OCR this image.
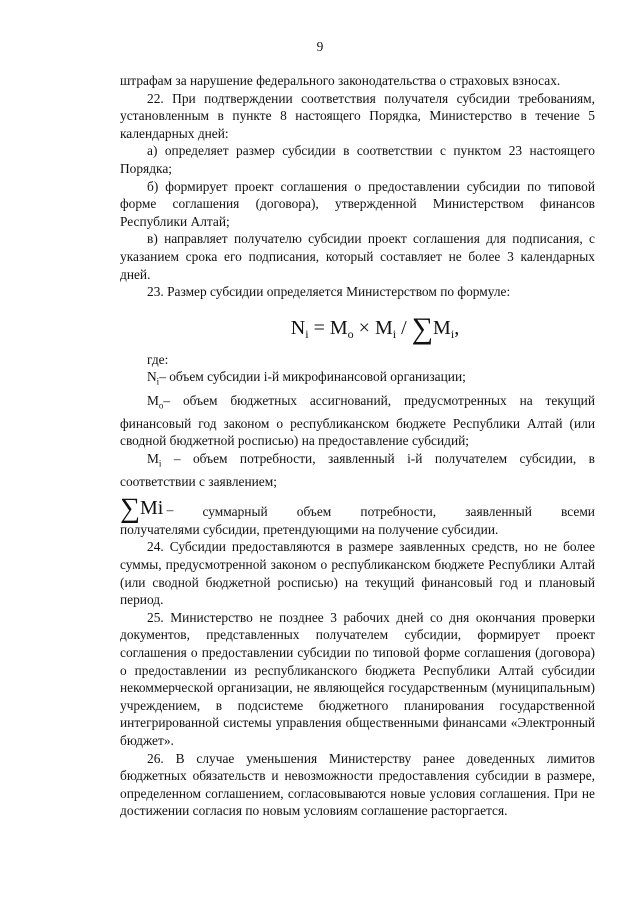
9

штрафам за нарушение федерального законодательства о страховых взносах.

22. При подтверждении соответствия получателя субсидии требованиям, установленным в пункте 8 настоящего Порядка, Министерство в течение 5 календарных дней:

а) определяет размер субсидии в соответствии с пунктом 23 настоящего Порядка;

б) формирует проект соглашения о предоставлении субсидии по типовой форме соглашения (договора), утвержденной Министерством финансов Республики Алтай;

в) направляет получателю субсидии проект соглашения для подписания, с указанием срока его подписания, который составляет не более 3 календарных дней.

23. Размер субсидии определяется Министерством по формуле:

$N_i = M_o \times M_i / \sum M_i$,

где:

$N_i-$ объем субсидии i-й микрофинансовой организации;

$M_o-$ объем бюджетных ассигнований, предусмотренных на текущий финансовый год законом о республиканском бюджете Республики Алтай (или сводной бюджетной росписью) на предоставление субсидий;

$M_i$ – объем потребности, заявленный i-й получателем субсидии, в соответствии с заявлением;

∑Mi – суммарный объем потребности, заявленный всеми

получателями субсидии, претендующими на получение субсидии.

24. Субсидии предоставляются в размере заявленных средств, но не более суммы, предусмотренной законом о республиканском бюджете Республики Алтай (или сводной бюджетной росписью) на текущий финансовый год и плановый период.

25. Министерство не позднее 3 рабочих дней со дня окончания проверки документов, представленных получателем субсидии, формирует проект соглашения о предоставлении субсидии по типовой форме соглашения (договора) о предоставлении из республиканского бюджета Республики Алтай субсидии некоммерческой организации, не являющейся государственным (муниципальным) учреждением, в подсистеме бюджетного планирования государственной интегрированной системы управления общественными финансами «Электронный бюджет».

26. В случае уменьшения Министерству ранее доведенных лимитов бюджетных обязательств и невозможности предоставления субсидии в размере, определенном соглашением, согласовываются новые условия соглашения. При не достижении согласия по новым условиям соглашение расторгается.
